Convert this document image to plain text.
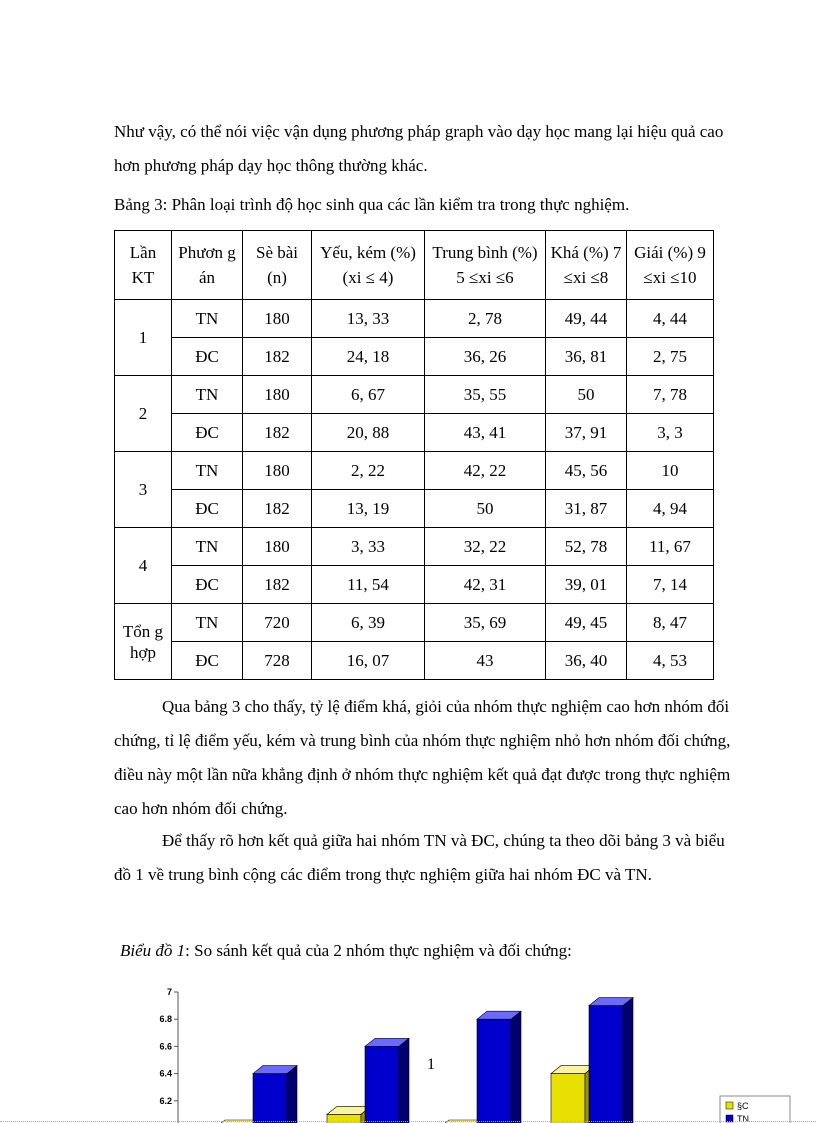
Như vậy, có thể nói việc vận dụng phương pháp graph vào dạy học mang lại hiệu quả cao hơn phương pháp dạy học thông thường khác.

Bảng 3: Phân loại trình độ học sinh qua các lần kiểm tra trong thực nghiệm.
Lần KT	Phươn g án	Sè bài (n)	Yếu, kém (%) (xi ≤ 4)	Trung bình (%) 5 ≤xi ≤6	Khá (%) 7 ≤xi ≤8	Giái (%) 9 ≤xi ≤10
1	TN	180	13, 33	2, 78	49, 44	4, 44
	ĐC	182	24, 18	36, 26	36, 81	2, 75
2	TN	180	6, 67	35, 55	50	7, 78
	ĐC	182	20, 88	43, 41	37, 91	3, 3
3	TN	180	2, 22	42, 22	45, 56	10
	ĐC	182	13, 19	50	31, 87	4, 94
4	TN	180	3, 33	32, 22	52, 78	11, 67
	ĐC	182	11, 54	42, 31	39, 01	7, 14
Tổn g hợp	TN	720	6, 39	35, 69	49, 45	8, 47
	ĐC	728	16, 07	43	36, 40	4, 53

Qua bảng 3 cho thấy, tỷ lệ điểm khá, giỏi của nhóm thực nghiệm cao hơn nhóm đối chứng, tỉ lệ điểm yếu, kém và trung bình của nhóm thực nghiệm nhỏ hơn nhóm đối chứng, điều này một lần nữa khẳng định ở nhóm thực nghiệm kết quả đạt được trong thực nghiệm cao hơn nhóm đối chứng.

Để thấy rõ hơn kết quả giữa hai nhóm TN và ĐC, chúng ta theo dõi bảng 3 và biểu đồ 1 về trung bình cộng các điểm trong thực nghiệm giữa hai nhóm ĐC và TN.

Biểu đồ 1: So sánh kết quả của 2 nhóm thực nghiệm và đối chứng:
6.2
6.4
6.6
6.8
7
§C
TN
1
